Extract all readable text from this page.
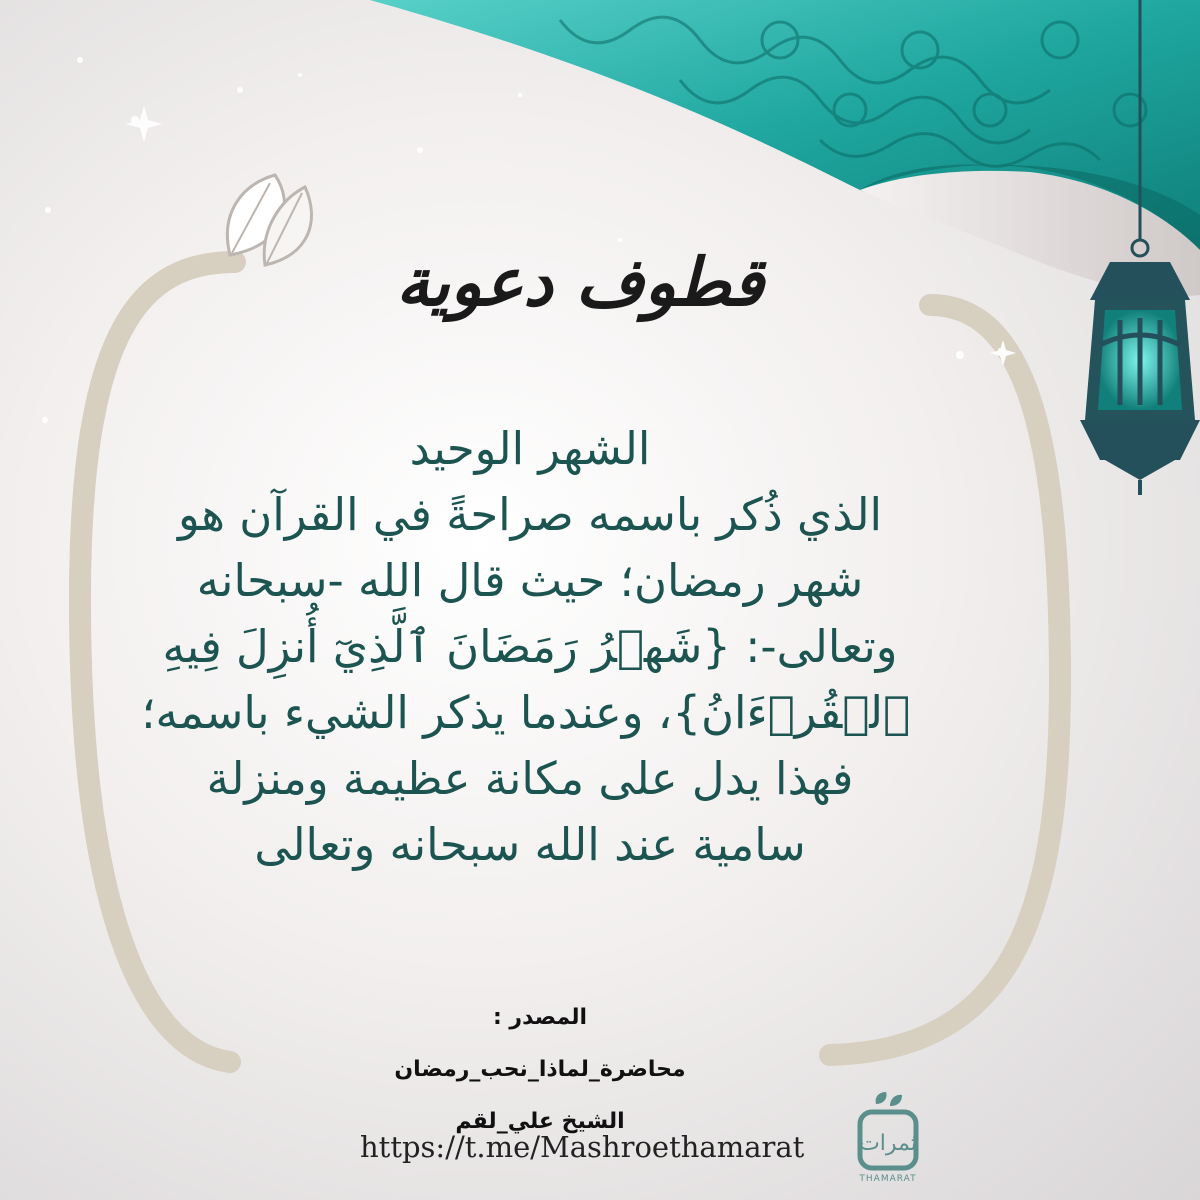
قطوف دعوية
الشهر الوحيد
الذي ذُكر باسمه صراحةً في القرآن هو
شهر رمضان؛ حيث قال الله -سبحانه
وتعالى-: {شَهۡرُ رَمَضَانَ ٱلَّذِيٓ أُنزِلَ فِيهِ
ٱلۡقُرۡءَانُ}، وعندما يذكر الشيء باسمه؛
فهذا يدل على مكانة عظيمة ومنزلة
سامية عند الله سبحانه وتعالى
المصدر :
محاضرة_لماذا_نحب_رمضان
الشيخ علي_لقم
https://t.me/Mashroethamarat ثمرات
THAMARAT
